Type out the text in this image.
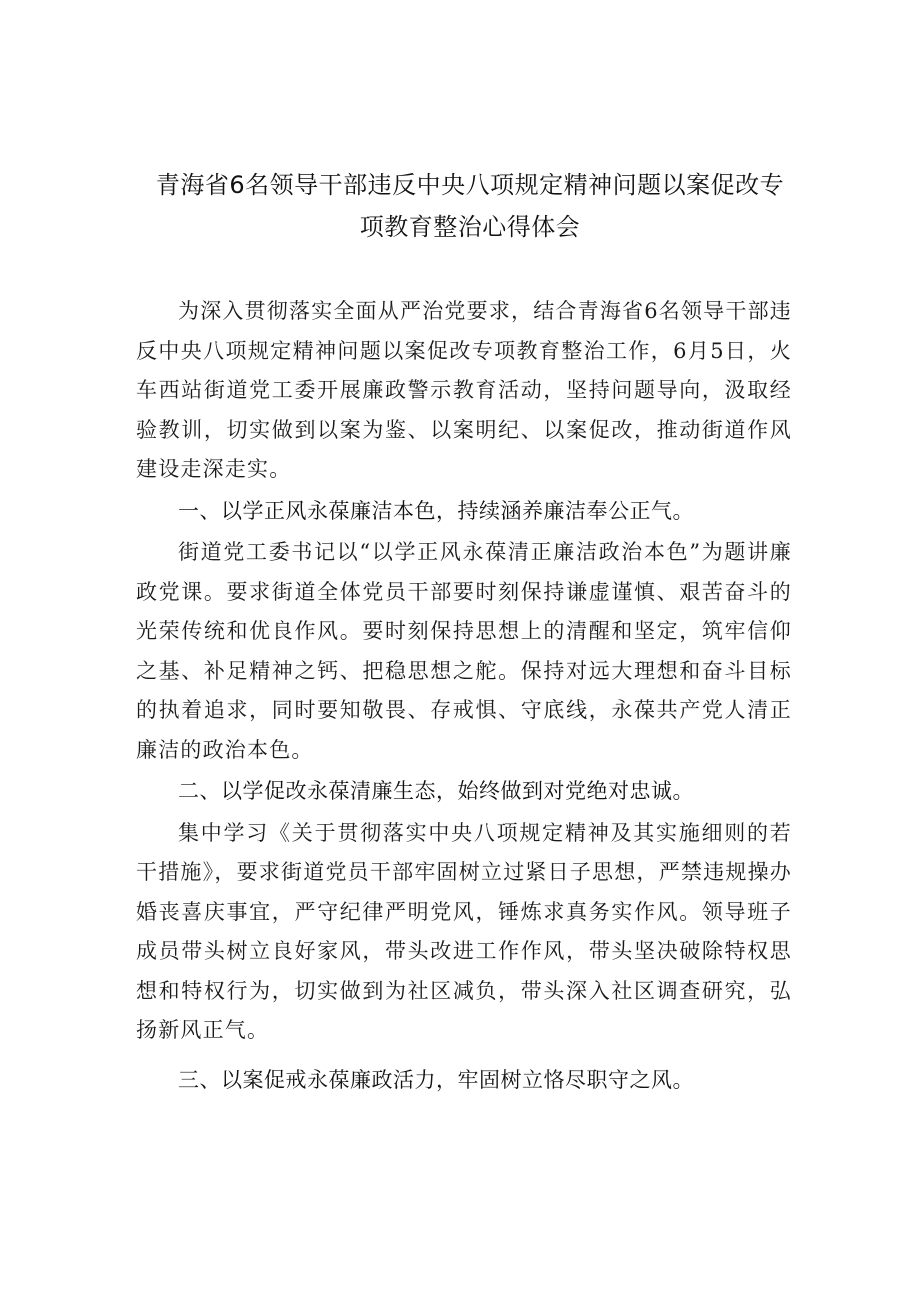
青海省6名领导干部违反中央八项规定精神问题以案促改专
项教育整治心得体会

为深入贯彻落实全面从严治党要求，结合青海省6名领导干部违反中央八项规定精神问题以案促改专项教育整治工作，6月5日，火车西站街道党工委开展廉政警示教育活动，坚持问题导向，汲取经验教训，切实做到以案为鉴、以案明纪、以案促改，推动街道作风建设走深走实。

一、以学正风永葆廉洁本色，持续涵养廉洁奉公正气。

街道党工委书记以“以学正风永葆清正廉洁政治本色”为题讲廉政党课。要求街道全体党员干部要时刻保持谦虚谨慎、艰苦奋斗的光荣传统和优良作风。要时刻保持思想上的清醒和坚定，筑牢信仰之基、补足精神之钙、把稳思想之舵。保持对远大理想和奋斗目标的执着追求，同时要知敬畏、存戒惧、守底线，永葆共产党人清正廉洁的政治本色。

二、以学促改永葆清廉生态，始终做到对党绝对忠诚。

集中学习《关于贯彻落实中央八项规定精神及其实施细则的若干措施》，要求街道党员干部牢固树立过紧日子思想，严禁违规操办婚丧喜庆事宜，严守纪律严明党风，锤炼求真务实作风。领导班子成员带头树立良好家风，带头改进工作作风，带头坚决破除特权思想和特权行为，切实做到为社区减负，带头深入社区调查研究，弘扬新风正气。

三、以案促戒永葆廉政活力，牢固树立恪尽职守之风。
